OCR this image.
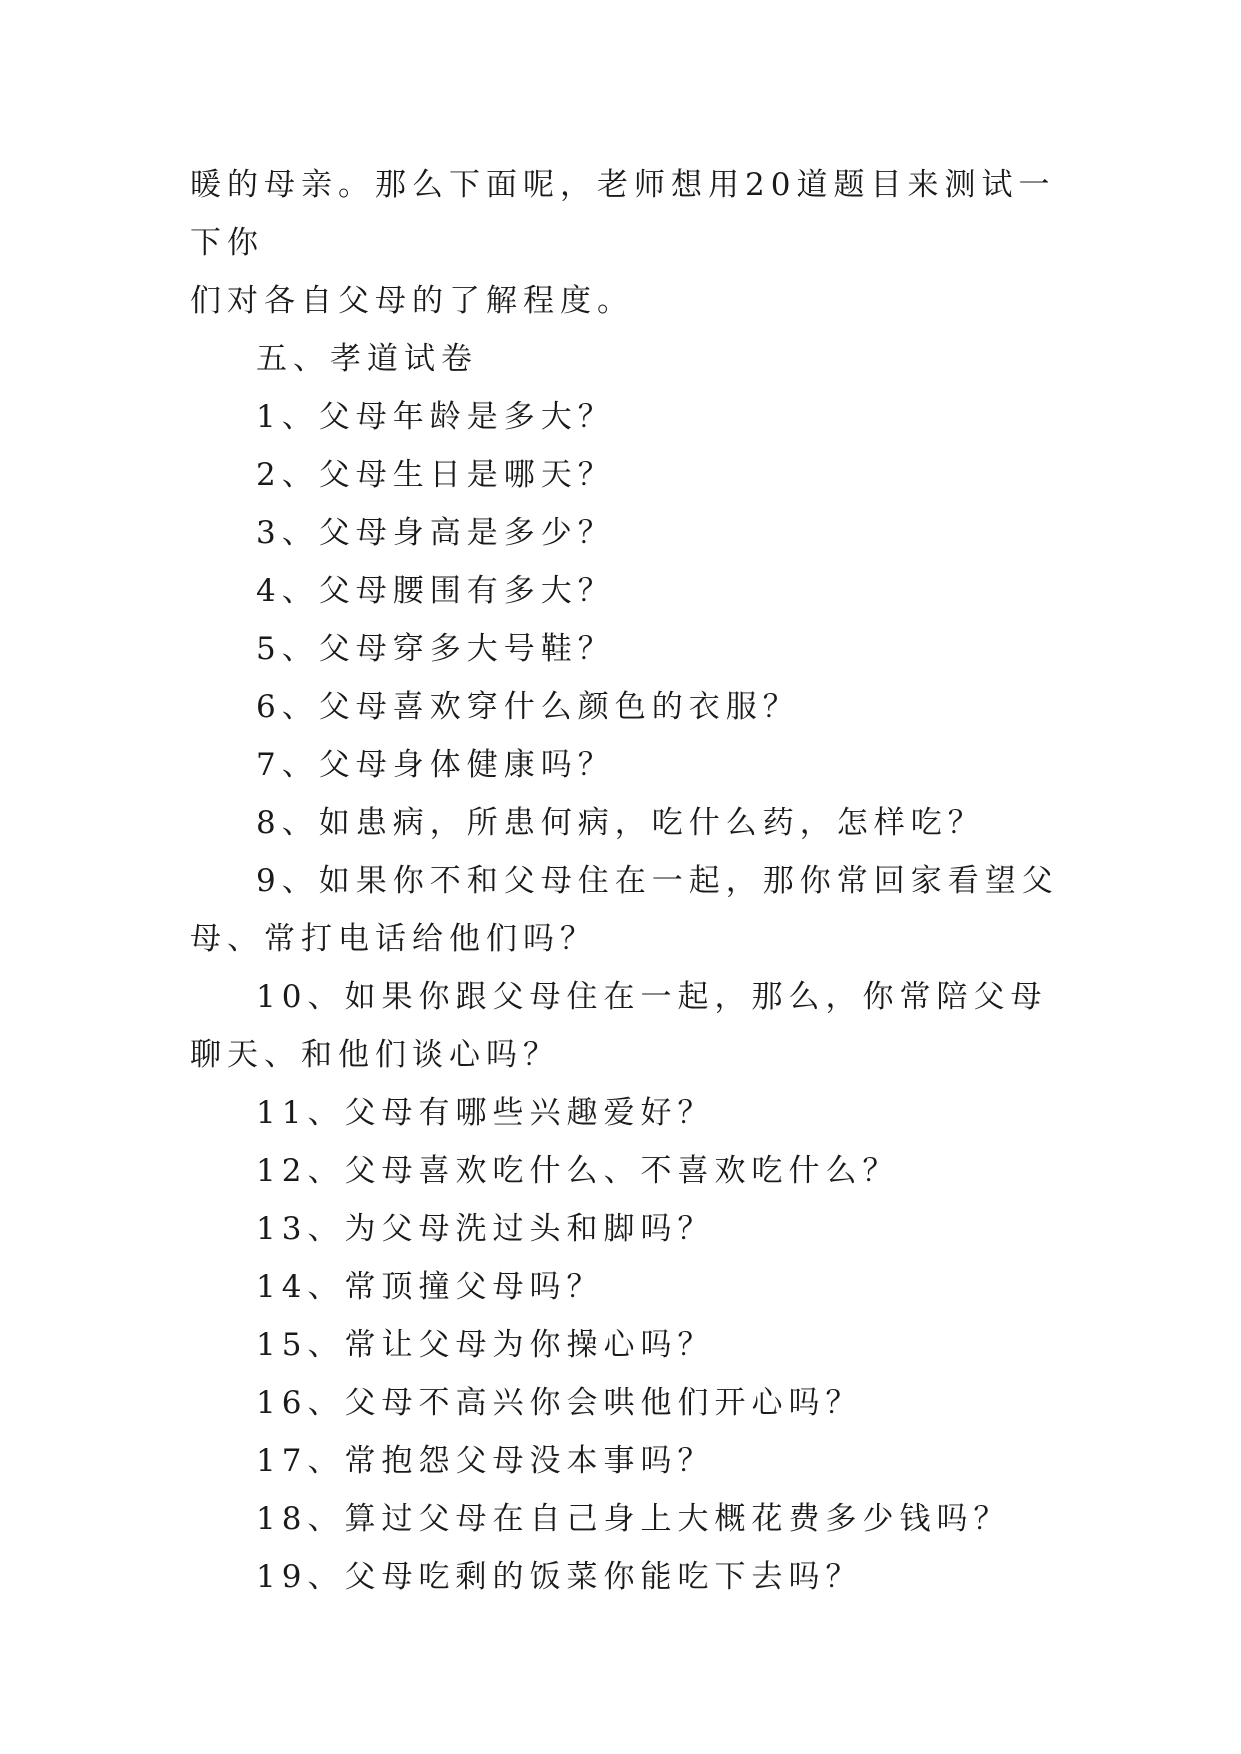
暖的母亲。那么下面呢，老师想用20道题目来测试一下你

们对各自父母的了解程度。

五、孝道试卷

1、父母年龄是多大？

2、父母生日是哪天？

3、父母身高是多少？

4、父母腰围有多大？

5、父母穿多大号鞋？

6、父母喜欢穿什么颜色的衣服？

7、父母身体健康吗？

8、如患病，所患何病，吃什么药，怎样吃？

9、如果你不和父母住在一起，那你常回家看望父母、常打电话给他们吗？

10、如果你跟父母住在一起，那么，你常陪父母聊天、和他们谈心吗？

11、父母有哪些兴趣爱好？

12、父母喜欢吃什么、不喜欢吃什么？

13、为父母洗过头和脚吗？

14、常顶撞父母吗？

15、常让父母为你操心吗？

16、父母不高兴你会哄他们开心吗？

17、常抱怨父母没本事吗？

18、算过父母在自己身上大概花费多少钱吗？

19、父母吃剩的饭菜你能吃下去吗？
